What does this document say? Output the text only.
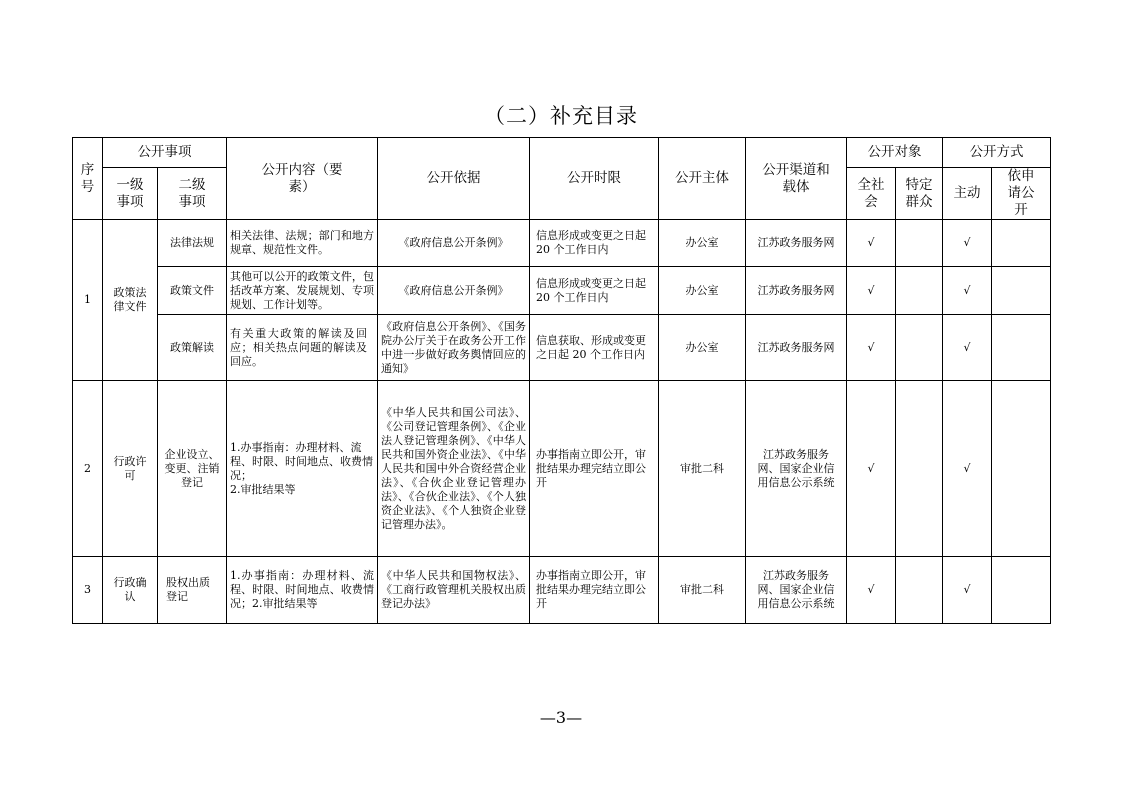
（二）补充目录
序号	公开事项		公开内容（要素）	公开依据	公开时限	公开主体	公开渠道和载体	公开对象		公开方式	
	一级事项	二级事项						全社会	特定群众	主动	依申请公开
1	政策法律文件	法律法规	相关法律、法规；部门和地方规章、规范性文件。	《政府信息公开条例》	信息形成或变更之日起 20 个工作日内	办公室	江苏政务服务网	√		√	
		政策文件	其他可以公开的政策文件，包括改革方案、发展规划、专项规划、工作计划等。	《政府信息公开条例》	信息形成或变更之日起 20 个工作日内	办公室	江苏政务服务网	√		√	
		政策解读	有关重大政策的解读及回应；相关热点问题的解读及回应。	《政府信息公开条例》、《国务院办公厅关于在政务公开工作中进一步做好政务舆情回应的通知》	信息获取、形成或变更之日起 20 个工作日内	办公室	江苏政务服务网	√		√	
2	行政许可	企业设立、变更、注销登记	1.办事指南：办理材料、流程、时限、时间地点、收费情况；
2.审批结果等	《中华人民共和国公司法》、《公司登记管理条例》、《企业法人登记管理条例》、《中华人民共和国外资企业法》、《中华人民共和国中外合资经营企业法》、《合伙企业登记管理办法》、《合伙企业法》、《个人独资企业法》、《个人独资企业登记管理办法》。	办事指南立即公开，审批结果办理完结立即公开	审批二科	江苏政务服务网、国家企业信用信息公示系统	√		√	
3	行政确认	股权出质登记	1.办事指南：办理材料、流程、时限、时间地点、收费情况；2.审批结果等	《中华人民共和国物权法》、《工商行政管理机关股权出质登记办法》	办事指南立即公开，审批结果办理完结立即公开	审批二科	江苏政务服务网、国家企业信用信息公示系统	√		√	
—3—
